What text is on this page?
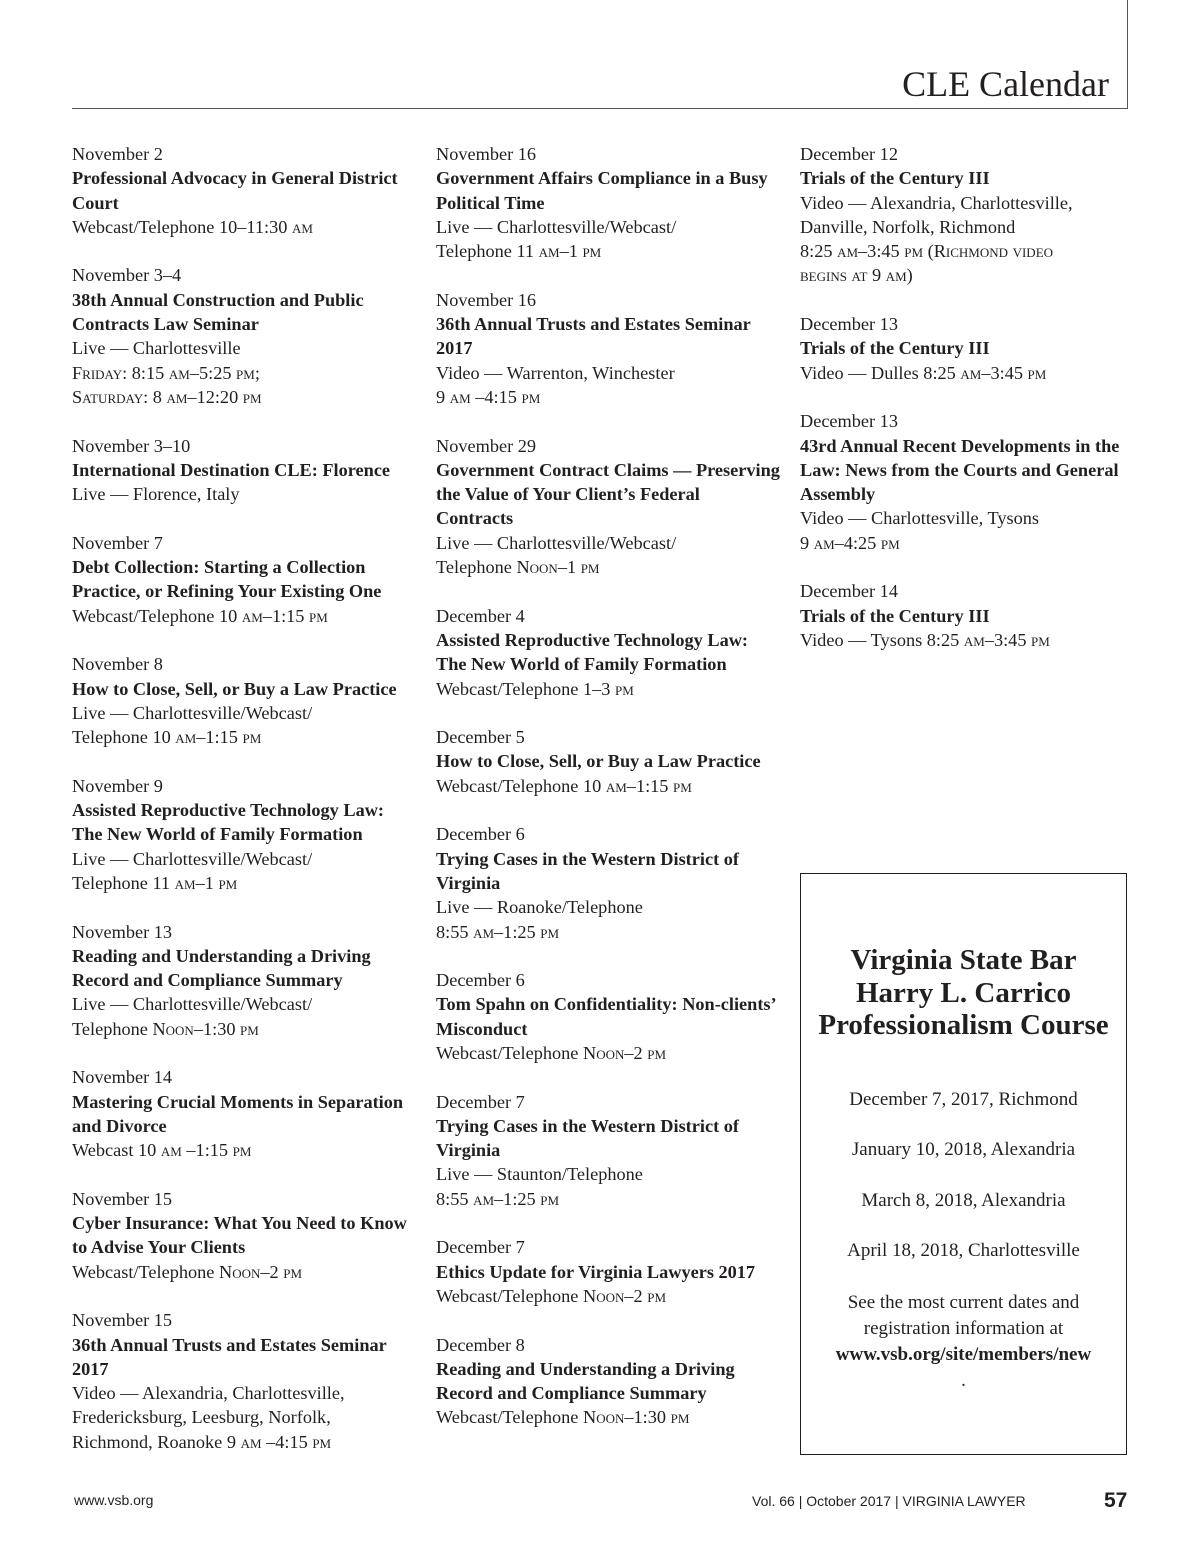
CLE Calendar
November 2
Professional Advocacy in General District Court
Webcast/Telephone 10–11:30 am
November 3–4
38th Annual Construction and Public Contracts Law Seminar
Live — Charlottesville
Friday: 8:15 am–5:25 pm;
Saturday: 8 am–12:20 pm
November 3–10
International Destination CLE: Florence
Live — Florence, Italy
November 7
Debt Collection: Starting a Collection Practice, or Refining Your Existing One
Webcast/Telephone 10 am–1:15 pm
November 8
How to Close, Sell, or Buy a Law Practice
Live — Charlottesville/Webcast/
Telephone 10 am–1:15 pm
November 9
Assisted Reproductive Technology Law: The New World of Family Formation
Live — Charlottesville/Webcast/
Telephone 11 am–1 pm
November 13
Reading and Understanding a Driving Record and Compliance Summary
Live — Charlottesville/Webcast/
Telephone Noon–1:30 pm
November 14
Mastering Crucial Moments in Separation and Divorce
Webcast 10 am –1:15 pm
November 15
Cyber Insurance: What You Need to Know to Advise Your Clients
Webcast/Telephone Noon–2 pm
November 15
36th Annual Trusts and Estates Seminar 2017
Video — Alexandria, Charlottesville,
Fredericksburg, Leesburg, Norfolk,
Richmond, Roanoke 9 am –4:15 pm
November 16
Government Affairs Compliance in a Busy Political Time
Live — Charlottesville/Webcast/
Telephone 11 am–1 pm
November 16
36th Annual Trusts and Estates Seminar 2017
Video — Warrenton, Winchester
9 am –4:15 pm
November 29
Government Contract Claims — Preserving the Value of Your Client’s Federal Contracts
Live — Charlottesville/Webcast/
Telephone Noon–1 pm
December 4
Assisted Reproductive Technology Law: The New World of Family Formation
Webcast/Telephone 1–3 pm
December 5
How to Close, Sell, or Buy a Law Practice
Webcast/Telephone 10 am–1:15 pm
December 6
Trying Cases in the Western District of Virginia
Live — Roanoke/Telephone
8:55 am–1:25 pm
December 6
Tom Spahn on Confidentiality: Non-clients’ Misconduct
Webcast/Telephone Noon–2 pm
December 7
Trying Cases in the Western District of Virginia
Live — Staunton/Telephone
8:55 am–1:25 pm
December 7
Ethics Update for Virginia Lawyers 2017
Webcast/Telephone Noon–2 pm
December 8
Reading and Understanding a Driving Record and Compliance Summary
Webcast/Telephone Noon–1:30 pm
December 12
Trials of the Century III
Video — Alexandria, Charlottesville,
Danville, Norfolk, Richmond
8:25 am–3:45 pm (Richmond video
begins at 9 am)
December 13
Trials of the Century III
Video — Dulles 8:25 am–3:45 pm
December 13
43rd Annual Recent Developments in the Law: News from the Courts and General Assembly
Video — Charlottesville, Tysons
9 am–4:25 pm
December 14
Trials of the Century III
Video — Tysons 8:25 am–3:45 pm
Virginia State Bar
Harry L. Carrico
Professionalism Course
December 7, 2017, Richmond
January 10, 2018, Alexandria
March 8, 2018, Alexandria
April 18, 2018, Charlottesville
See the most current dates and
registration information at
www.vsb.org/site/members/new
.
www.vsb.org	Vol. 66 | October 2017 | VIRGINIA LAWYER	57
